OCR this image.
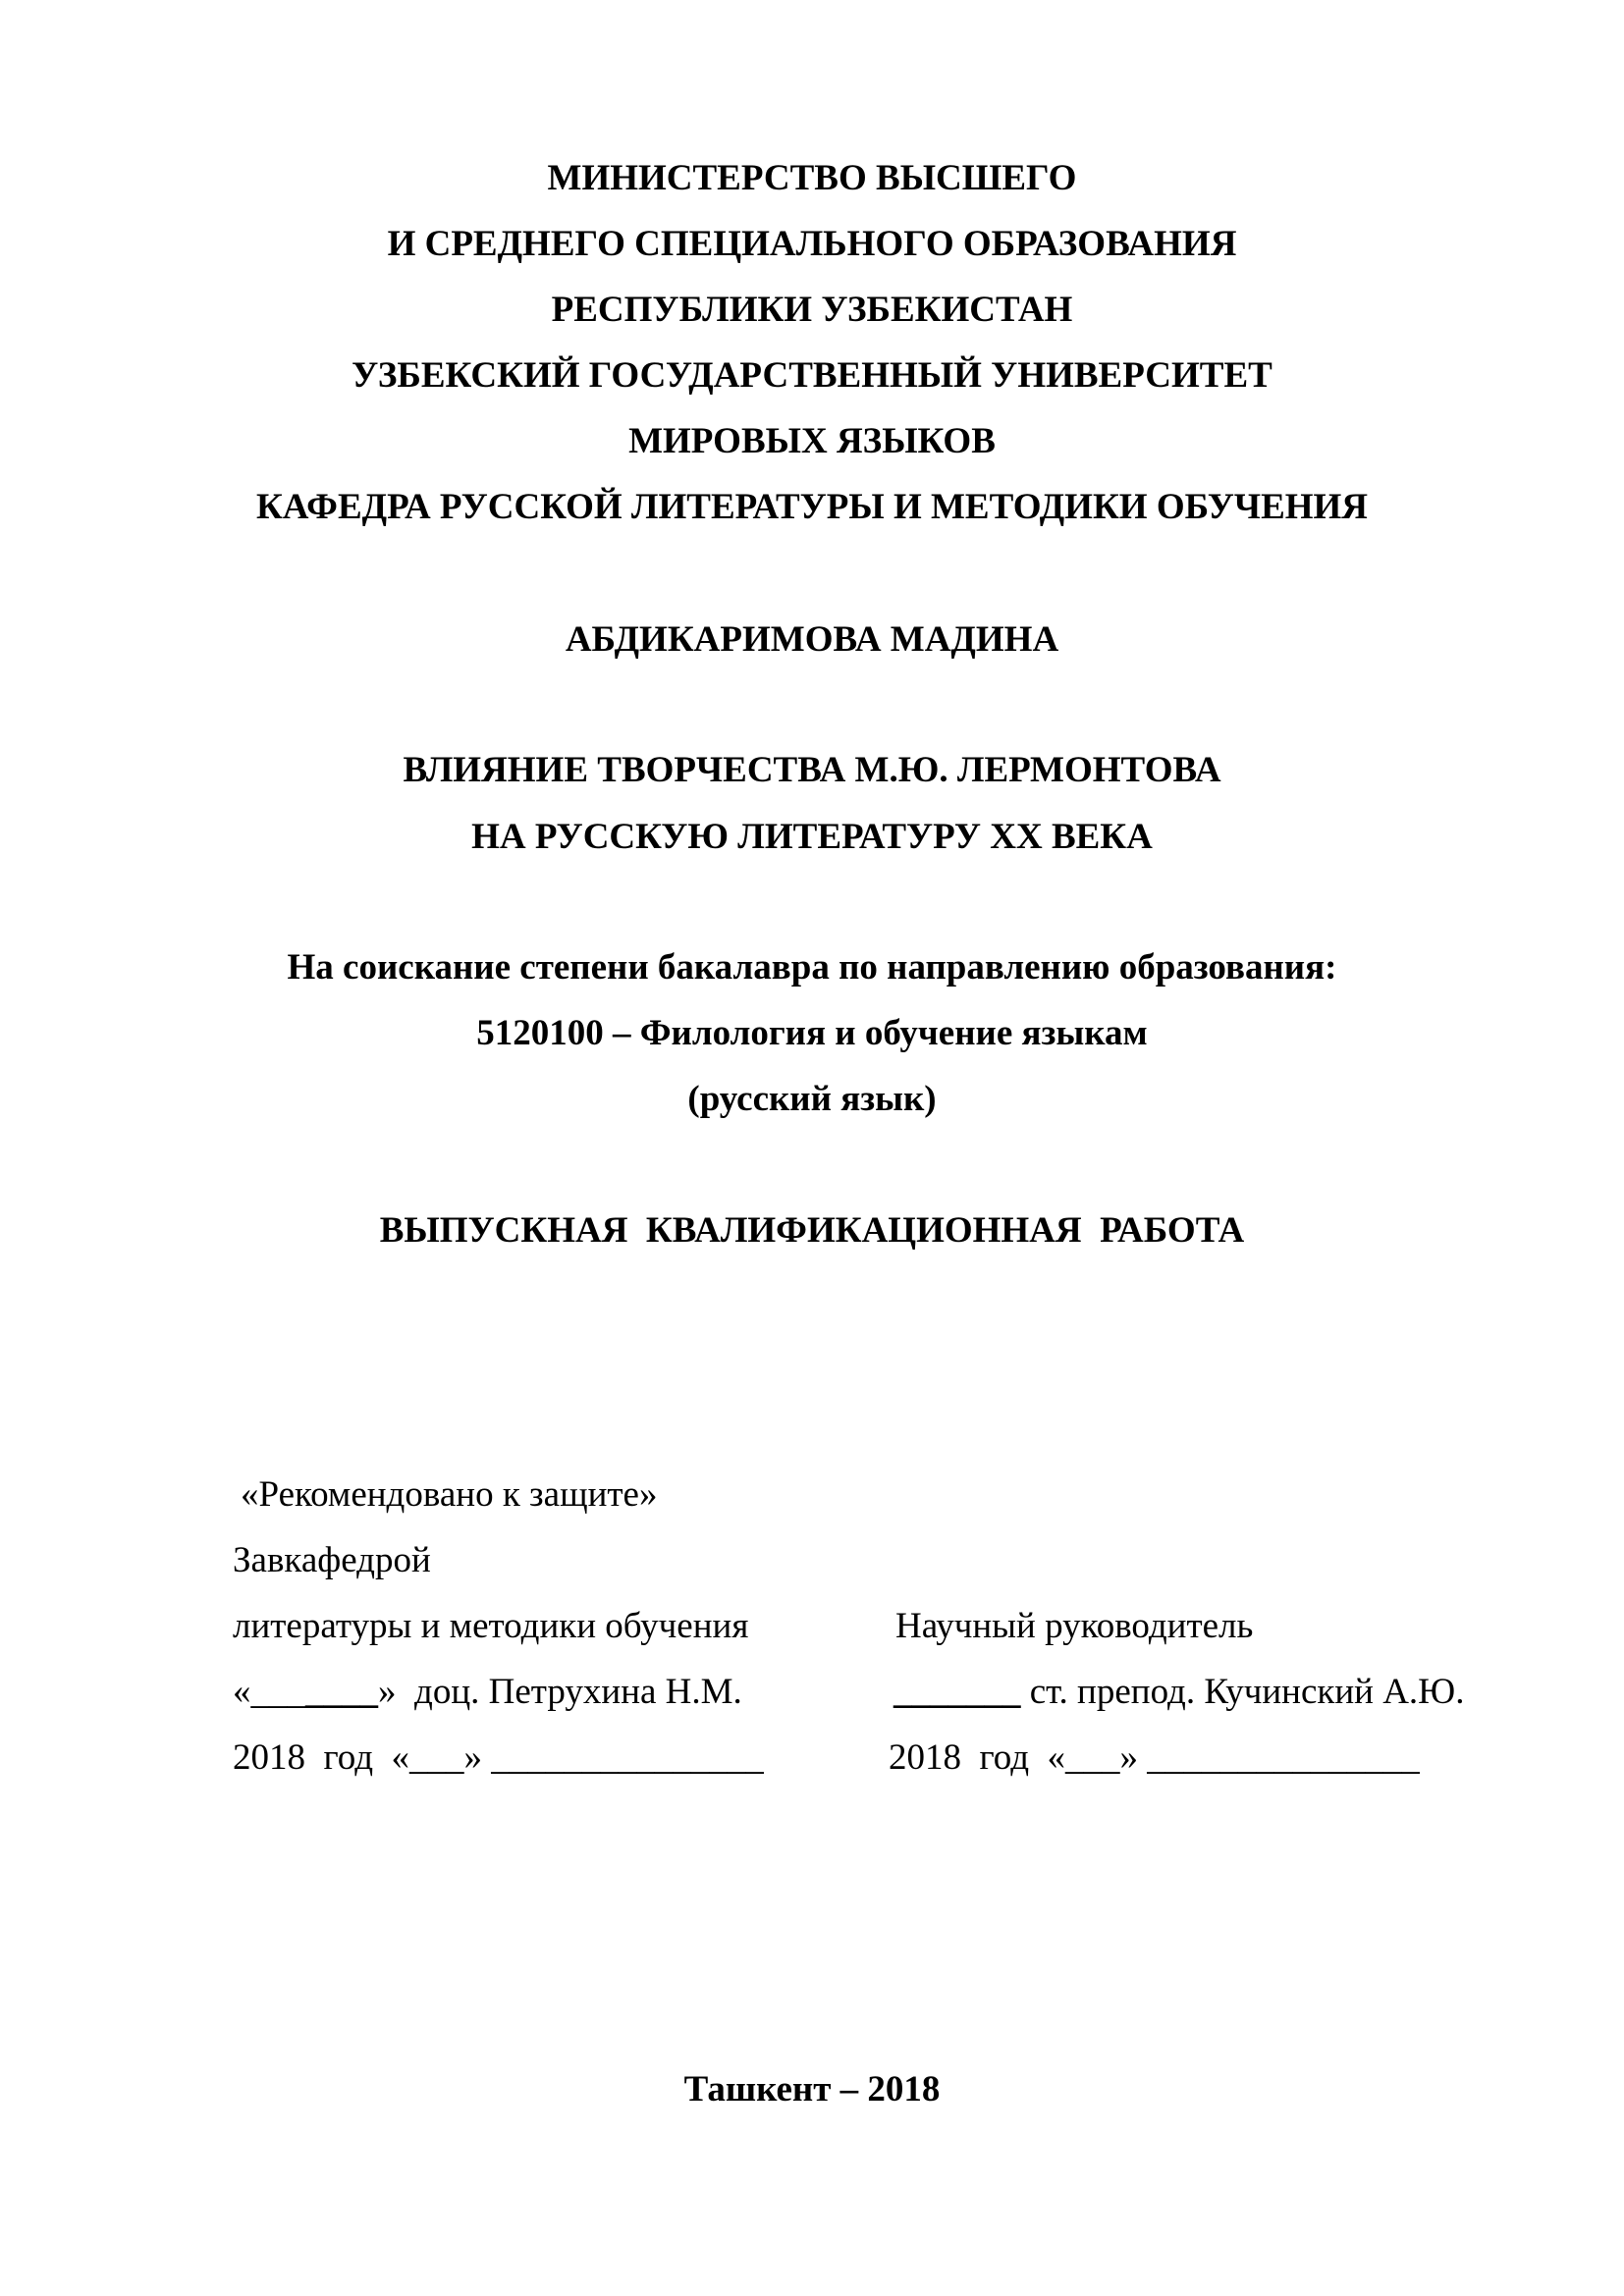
МИНИСТЕРСТВО ВЫСШЕГО
И СРЕДНЕГО СПЕЦИАЛЬНОГО ОБРАЗОВАНИЯ
РЕСПУБЛИКИ УЗБЕКИСТАН
УЗБЕКСКИЙ ГОСУДАРСТВЕННЫЙ УНИВЕРСИТЕТ
МИРОВЫХ ЯЗЫКОВ
КАФЕДРА РУССКОЙ ЛИТЕРАТУРЫ И МЕТОДИКИ ОБУЧЕНИЯ
АБДИКАРИМОВА МАДИНА
ВЛИЯНИЕ ТВОРЧЕСТВА М.Ю. ЛЕРМОНТОВА
НА РУССКУЮ ЛИТЕРАТУРУ XX ВЕКА
На соискание степени бакалавра по направлению образования:
5120100 – Филология и обучение языкам
(русский язык)
ВЫПУСКНАЯ  КВАЛИФИКАЦИОННАЯ  РАБОТА
«Рекомендовано к защите»
Завкафедрой
литературы и методики обучения
«_______»  доц. Петрухина Н.М.
2018  год  «___» _______________
Научный руководитель
_______ ст. препод. Кучинский А.Ю.
2018  год  «___» _______________
Ташкент – 2018
